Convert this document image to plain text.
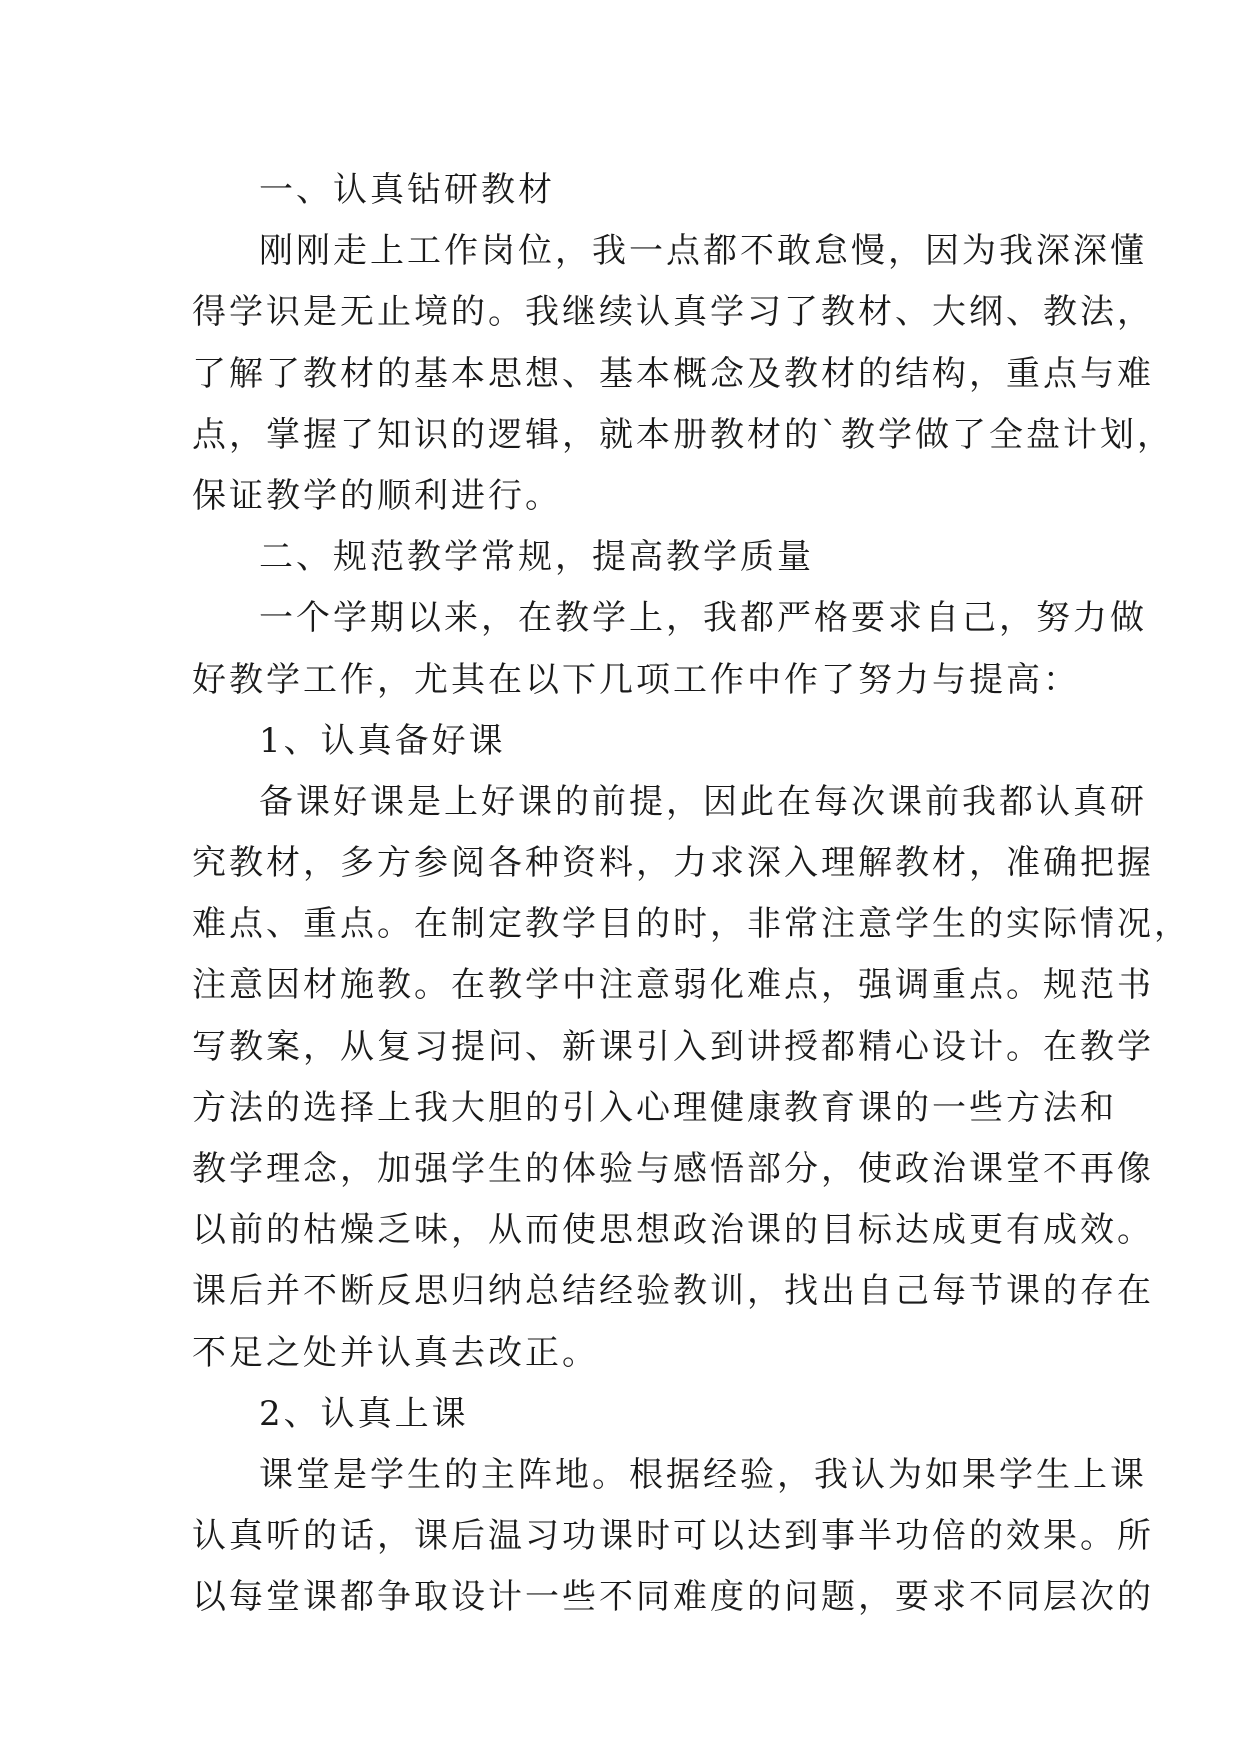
一、认真钻研教材
刚刚走上工作岗位，我一点都不敢怠慢，因为我深深懂
得学识是无止境的。我继续认真学习了教材、大纲、教法，
了解了教材的基本思想、基本概念及教材的结构，重点与难
点，掌握了知识的逻辑，就本册教材的`教学做了全盘计划，
保证教学的顺利进行。
二、规范教学常规，提高教学质量
一个学期以来，在教学上，我都严格要求自己，努力做
好教学工作，尤其在以下几项工作中作了努力与提高：
1、认真备好课
备课好课是上好课的前提，因此在每次课前我都认真研
究教材，多方参阅各种资料，力求深入理解教材，准确把握
难点、重点。在制定教学目的时，非常注意学生的实际情况，
注意因材施教。在教学中注意弱化难点，强调重点。规范书
写教案，从复习提问、新课引入到讲授都精心设计。在教学
方法的选择上我大胆的引入心理健康教育课的一些方法和
教学理念，加强学生的体验与感悟部分，使政治课堂不再像
以前的枯燥乏味，从而使思想政治课的目标达成更有成效。
课后并不断反思归纳总结经验教训，找出自己每节课的存在
不足之处并认真去改正。
2、认真上课
课堂是学生的主阵地。根据经验，我认为如果学生上课
认真听的话，课后温习功课时可以达到事半功倍的效果。所
以每堂课都争取设计一些不同难度的问题，要求不同层次的
